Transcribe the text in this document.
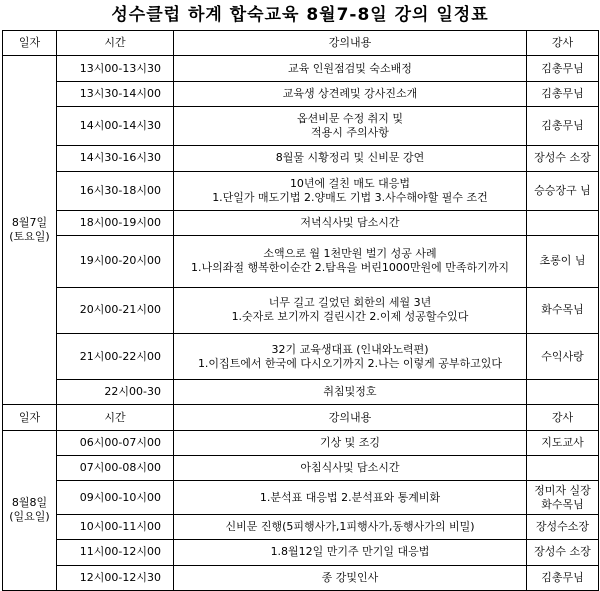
성수클럽 하계 합숙교육 8월7-8일 강의 일정표
일자	시간	강의내용	강사

8월7일
(토요일)	13시00-13시30	교육 인원점검및 숙소배정	김총무님

	13시30-14시00	교육생 상견례및 강사진소개	김총무님

	14시00-14시30	옵션비문 수정 취지 및
적용시 주의사항	김총무님

	14시30-16시30	8월물 시황정리 및 신비문 강연	장성수 소장

	16시30-18시00	10년에 걸친 매도 대응법
1.단일가 매도기법 2.양매도 기법 3.사수해야할 필수 조건	승승장구 님

	18시00-19시00	저녁식사및 담소시간	

	19시00-20시00	소액으로 월 1천만원 벌기 성공 사례
1.나의좌절 행복한이순간 2.탐욕을 버린1000만원에 만족하기까지	초롱이 님

	20시00-21시00	너무 길고 길었던 회한의 세월 3년
1.숫자로 보기까지 걸린시간 2.이제 성공할수있다	화수목님

	21시00-22시00	32기 교육생대표 (인내와노력편)
1.이집트에서 한국에 다시오기까지 2.나는 이렇게 공부하고있다	수익사랑

	22시00-30	취침및정호	

일자	시간	강의내용	강사

8월8일
(일요일)	06시00-07시00	기상 및 조깅	지도교사

	07시00-08시00	아침식사및 담소시간	

	09시00-10시00	1.분석표 대응법 2.분석표와 통계비화	정미자 실장
화수목님

	10시00-11시00	신비문 진행(5피행사가,1피행사가,동행사가의 비밀)	장성수소장

	11시00-12시00	1.8월12일 만기주 만기일 대응법	장성수 소장

	12시00-12시30	종 강및인사	김총무님
